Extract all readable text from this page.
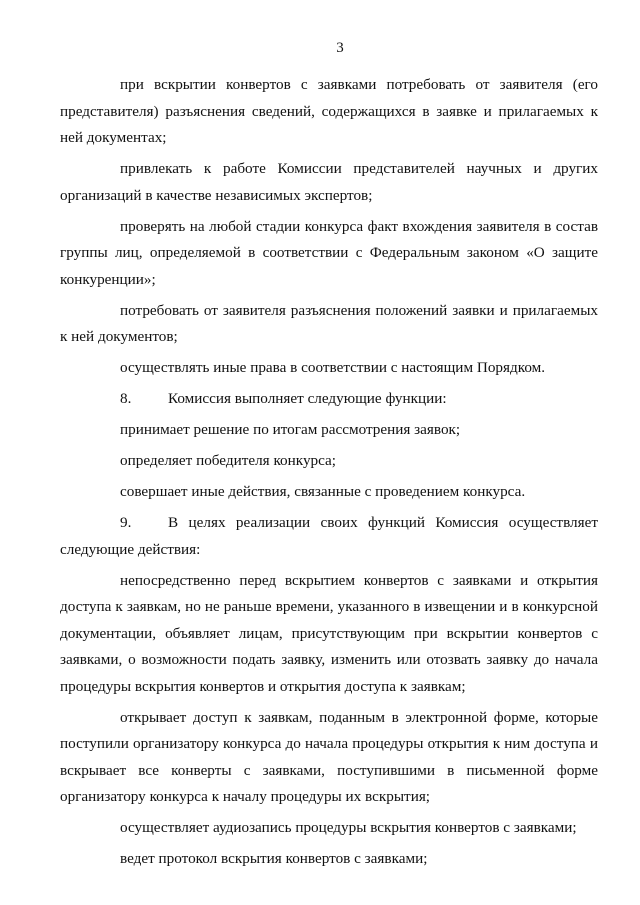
3

при вскрытии конвертов с заявками потребовать от заявителя (его представителя) разъяснения сведений, содержащихся в заявке и прилагаемых к ней документах;

привлекать к работе Комиссии представителей научных и других организаций в качестве независимых экспертов;

проверять на любой стадии конкурса факт вхождения заявителя в состав группы лиц, определяемой в соответствии с Федеральным законом «О защите конкуренции»;

потребовать от заявителя разъяснения положений заявки и прилагаемых к ней документов;

осуществлять иные права в соответствии с настоящим Порядком.

8. Комиссия выполняет следующие функции:

принимает решение по итогам рассмотрения заявок;

определяет победителя конкурса;

совершает иные действия, связанные с проведением конкурса.

9. В целях реализации своих функций Комиссия осуществляет следующие действия:

непосредственно перед вскрытием конвертов с заявками и открытия доступа к заявкам, но не раньше времени, указанного в извещении и в конкурсной документации, объявляет лицам, присутствующим при вскрытии конвертов с заявками, о возможности подать заявку, изменить или отозвать заявку до начала процедуры вскрытия конвертов и открытия доступа к заявкам;

открывает доступ к заявкам, поданным в электронной форме, которые поступили организатору конкурса до начала процедуры открытия к ним доступа и вскрывает все конверты с заявками, поступившими в письменной форме организатору конкурса к началу процедуры их вскрытия;

осуществляет аудиозапись процедуры вскрытия конвертов с заявками;

ведет протокол вскрытия конвертов с заявками;
